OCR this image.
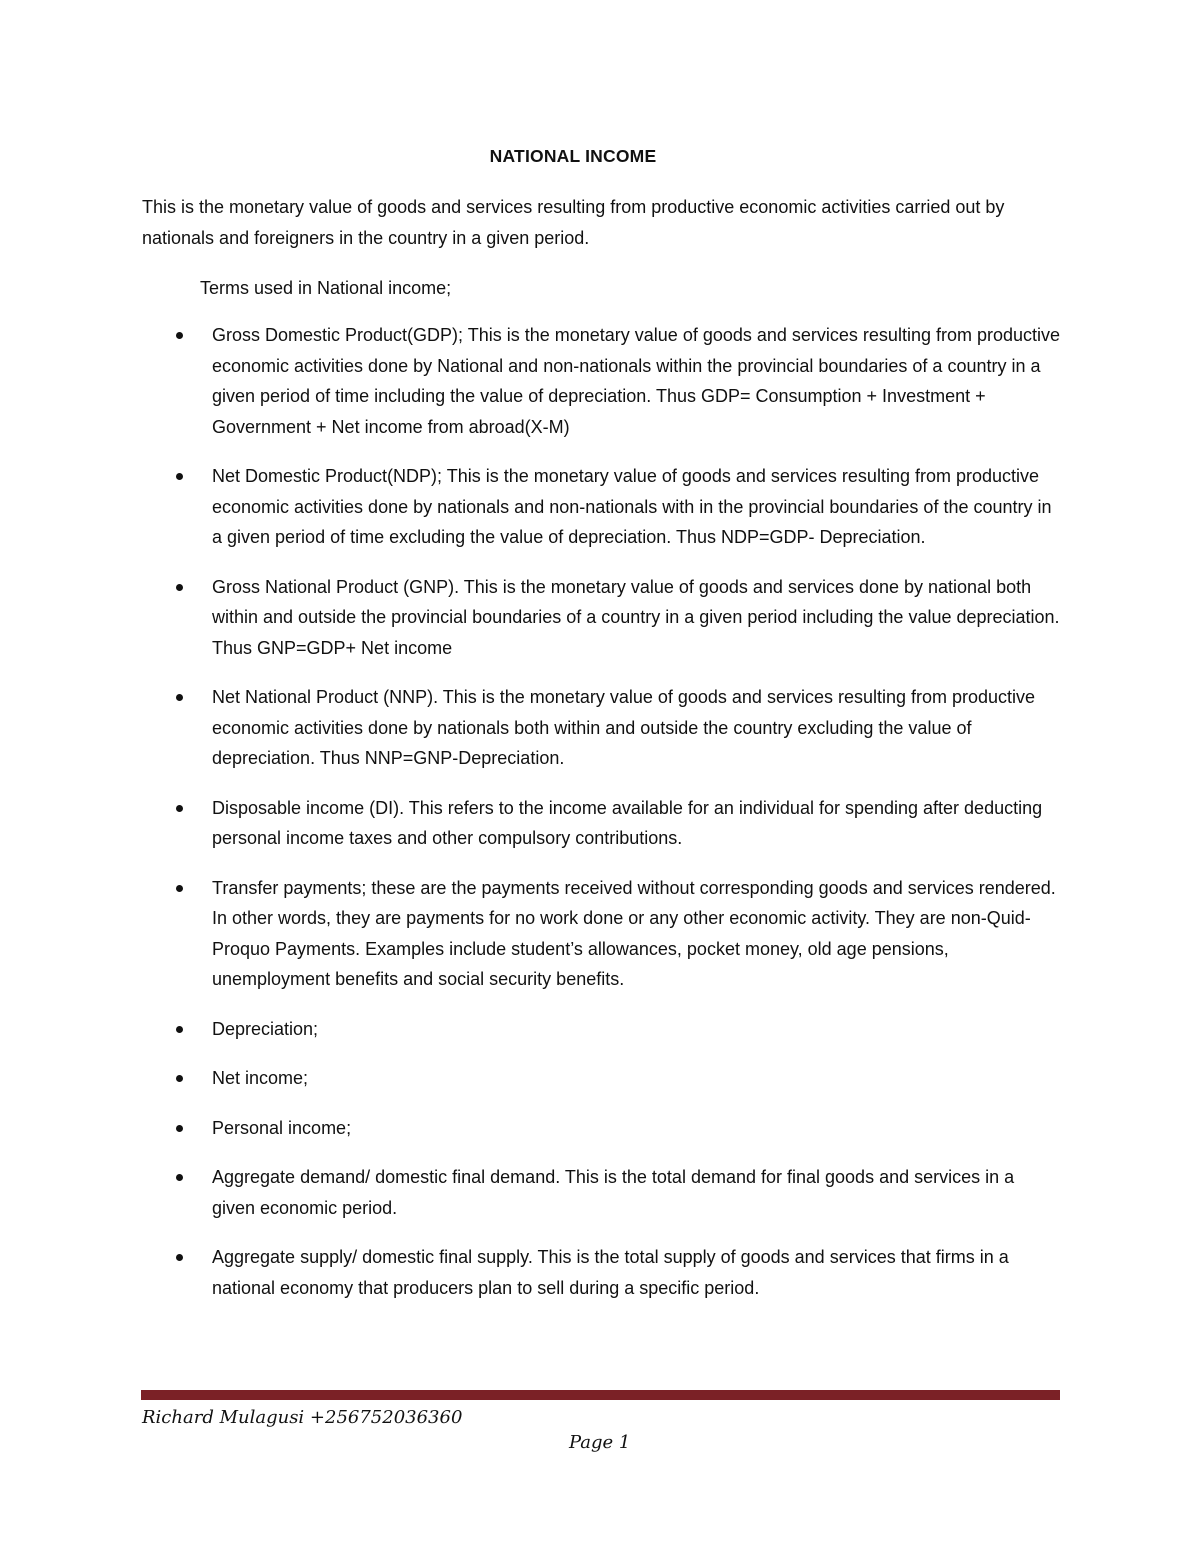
NATIONAL INCOME
This is the monetary value of goods and services resulting from productive economic activities carried out by nationals and foreigners in the country in a given period.
Terms used in National income;
Gross Domestic Product(GDP); This is the monetary value of goods and services resulting from productive economic activities done by National and non-nationals within the provincial boundaries of a country in a given period of time including the value of depreciation. Thus GDP= Consumption + Investment + Government + Net income from abroad(X-M)
Net Domestic Product(NDP); This is the monetary value of goods and services resulting from productive economic activities done by nationals and non-nationals with in the provincial boundaries of the country in a given period of time excluding the value of depreciation. Thus NDP=GDP- Depreciation.
Gross National Product (GNP). This is the monetary value of goods and services done by national both within and outside the provincial boundaries of a country in a given period including the value depreciation. Thus GNP=GDP+ Net income
Net National Product (NNP). This is the monetary value of goods and services resulting from productive economic activities done by nationals both within and outside the country excluding the value of depreciation. Thus NNP=GNP-Depreciation.
Disposable income (DI). This refers to the income available for an individual for spending after deducting personal income taxes and other compulsory contributions.
Transfer payments; these are the payments received without corresponding goods and services rendered. In other words, they are payments for no work done or any other economic activity. They are non-Quid-Proquo Payments. Examples include student’s allowances, pocket money, old age pensions, unemployment benefits and social security benefits.
Depreciation;
Net income;
Personal income;
Aggregate demand/ domestic final demand. This is the total demand for final goods and services in a given economic period.
Aggregate supply/ domestic final supply. This is the total supply of goods and services that firms in a national economy that producers plan to sell during a specific period.
Richard Mulagusi +256752036360
Page 1
